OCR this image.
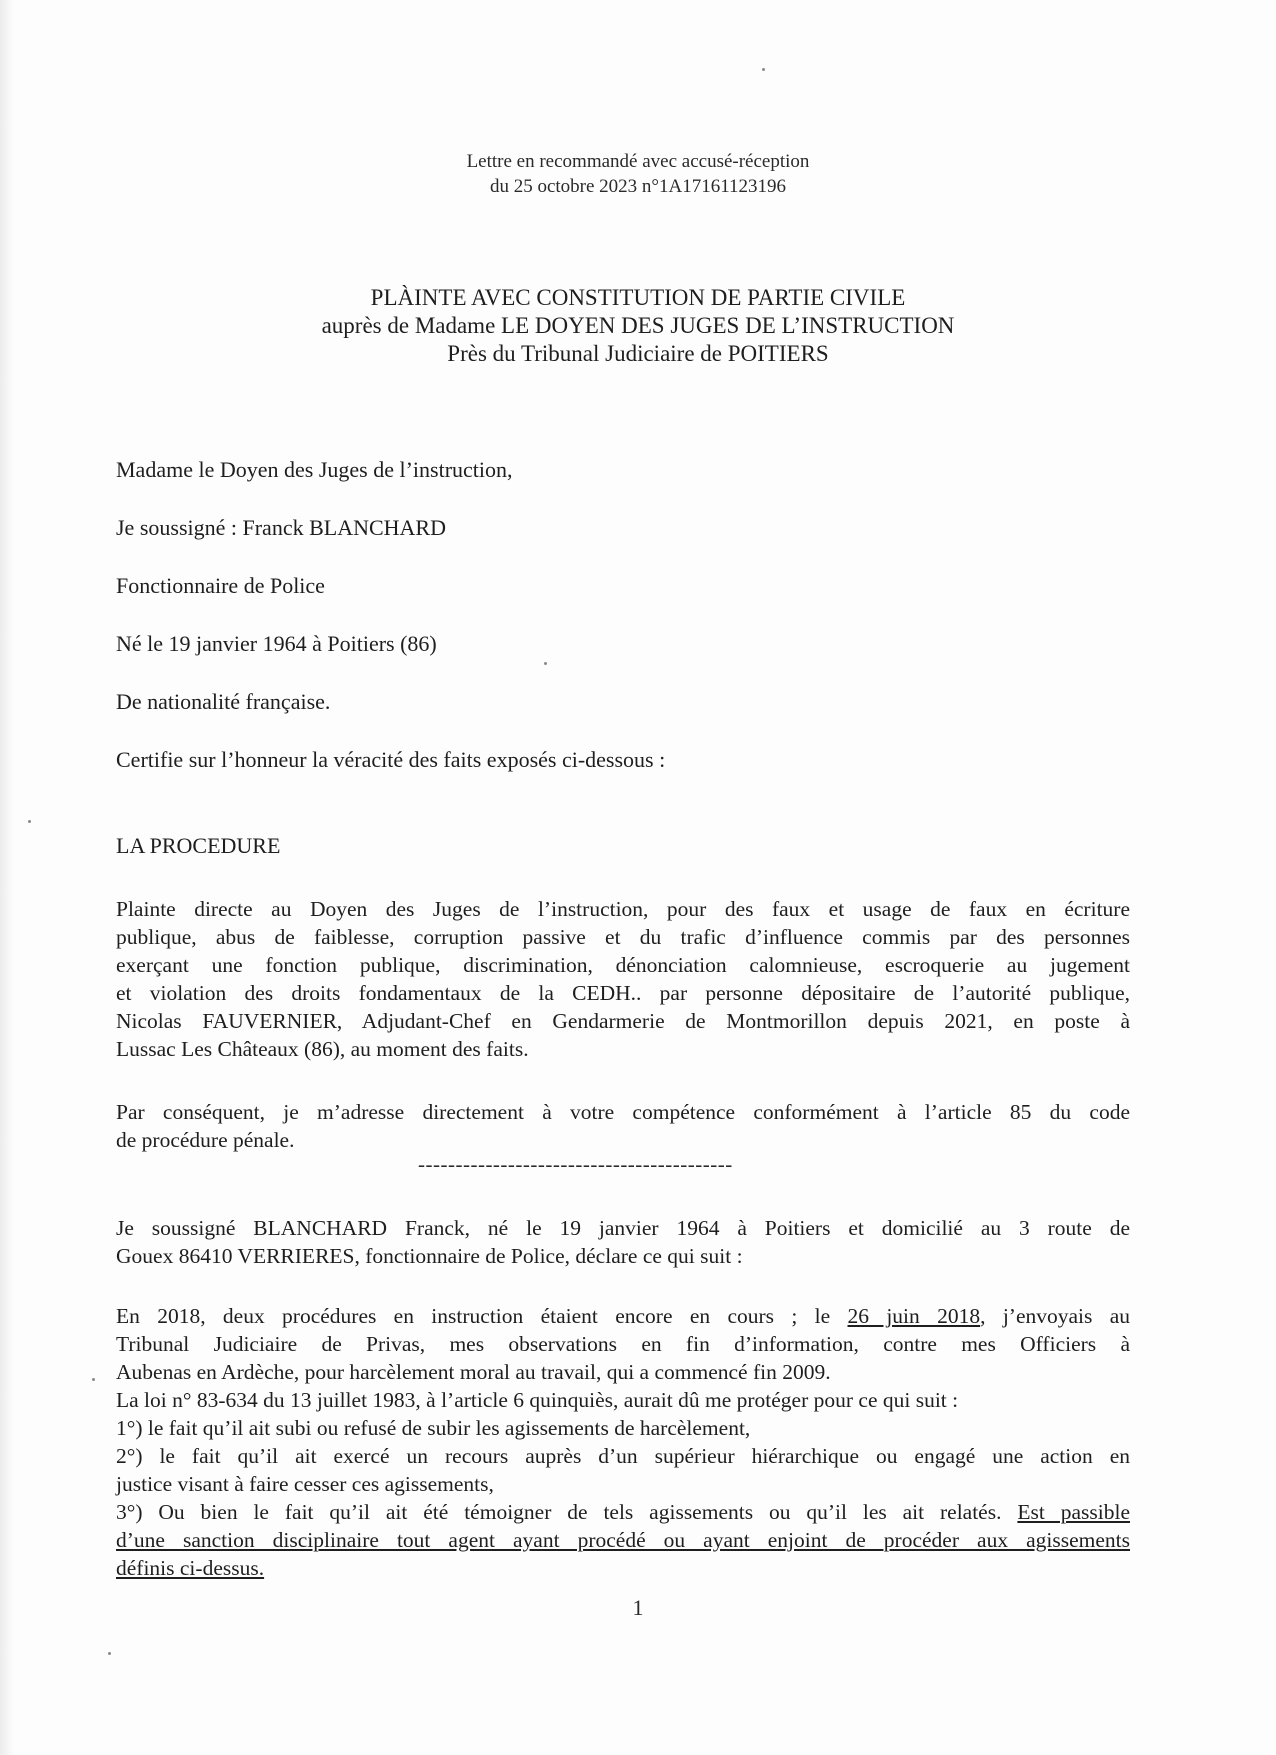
Lettre en recommandé avec accusé-réception
du 25 octobre 2023 n°1A17161123196
PLÀINTE AVEC CONSTITUTION DE PARTIE CIVILE
auprès de Madame LE DOYEN DES JUGES DE L’INSTRUCTION
Près du Tribunal Judiciaire de POITIERS
Madame le Doyen des Juges de l’instruction,
Je soussigné : Franck BLANCHARD
Fonctionnaire de Police
Né le 19 janvier 1964 à Poitiers (86)
De nationalité française.
Certifie sur l’honneur la véracité des faits exposés ci-dessous :
LA PROCEDURE
Plainte directe au Doyen des Juges de l’instruction, pour des faux et usage de faux en écriture
publique, abus de faiblesse, corruption passive et du trafic d’influence commis par des personnes
exerçant une fonction publique, discrimination, dénonciation calomnieuse, escroquerie au jugement
et violation des droits fondamentaux de la CEDH.. par personne dépositaire de l’autorité publique,
Nicolas FAUVERNIER, Adjudant-Chef en Gendarmerie de Montmorillon depuis 2021, en poste à
Lussac Les Châteaux (86), au moment des faits.
Par conséquent, je m’adresse directement à votre compétence conformément à l’article 85 du code
de procédure pénale.
------------------------------------------
Je soussigné BLANCHARD Franck, né le 19 janvier 1964 à Poitiers et domicilié au 3 route de
Gouex 86410 VERRIERES, fonctionnaire de Police, déclare ce qui suit :
En 2018, deux procédures en instruction étaient encore en cours ; le 26 juin 2018, j’envoyais au
Tribunal Judiciaire de Privas, mes observations en fin d’information, contre mes Officiers à
Aubenas en Ardèche, pour harcèlement moral au travail, qui a commencé fin 2009.
La loi n° 83-634 du 13 juillet 1983, à l’article 6 quinquiès, aurait dû me protéger pour ce qui suit :
1°) le fait qu’il ait subi ou refusé de subir les agissements de harcèlement,
2°) le fait qu’il ait exercé un recours auprès d’un supérieur hiérarchique ou engagé une action en
justice visant à faire cesser ces agissements,
3°) Ou bien le fait qu’il ait été témoigner de tels agissements ou qu’il les ait relatés. Est passible
d’une sanction disciplinaire tout agent ayant procédé ou ayant enjoint de procéder aux agissements
définis ci-dessus.
1
